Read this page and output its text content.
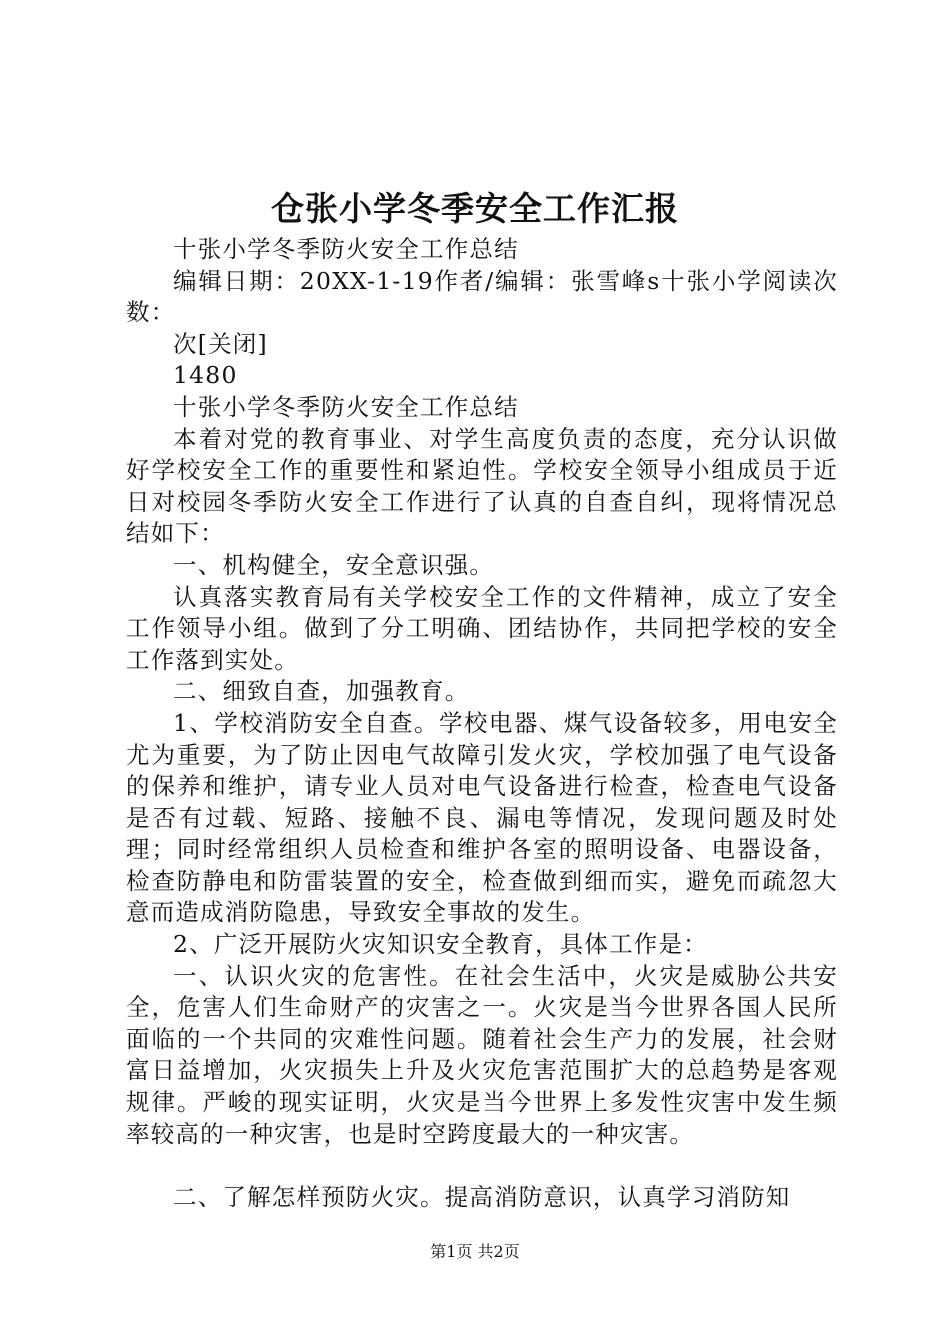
仓张小学冬季安全工作汇报

十张小学冬季防火安全工作总结

编辑日期：20XX-1-19作者/编辑：张雪峰s十张小学阅读次数：

次[关闭]

1480

十张小学冬季防火安全工作总结

本着对党的教育事业、对学生高度负责的态度，充分认识做好学校安全工作的重要性和紧迫性。学校安全领导小组成员于近日对校园冬季防火安全工作进行了认真的自查自纠，现将情况总结如下：

一、机构健全，安全意识强。

认真落实教育局有关学校安全工作的文件精神，成立了安全工作领导小组。做到了分工明确、团结协作，共同把学校的安全工作落到实处。

二、细致自查，加强教育。

1、学校消防安全自查。学校电器、煤气设备较多，用电安全尤为重要，为了防止因电气故障引发火灾，学校加强了电气设备的保养和维护，请专业人员对电气设备进行检查，检查电气设备是否有过载、短路、接触不良、漏电等情况，发现问题及时处理；同时经常组织人员检查和维护各室的照明设备、电器设备，检查防静电和防雷装置的安全，检查做到细而实，避免而疏忽大意而造成消防隐患，导致安全事故的发生。

2、广泛开展防火灾知识安全教育，具体工作是：

一、认识火灾的危害性。在社会生活中，火灾是威胁公共安全，危害人们生命财产的灾害之一。火灾是当今世界各国人民所面临的一个共同的灾难性问题。随着社会生产力的发展，社会财富日益增加，火灾损失上升及火灾危害范围扩大的总趋势是客观规律。严峻的现实证明，火灾是当今世界上多发性灾害中发生频率较高的一种灾害，也是时空跨度最大的一种灾害。

二、了解怎样预防火灾。提高消防意识，认真学习消防知

第1页 共2页
